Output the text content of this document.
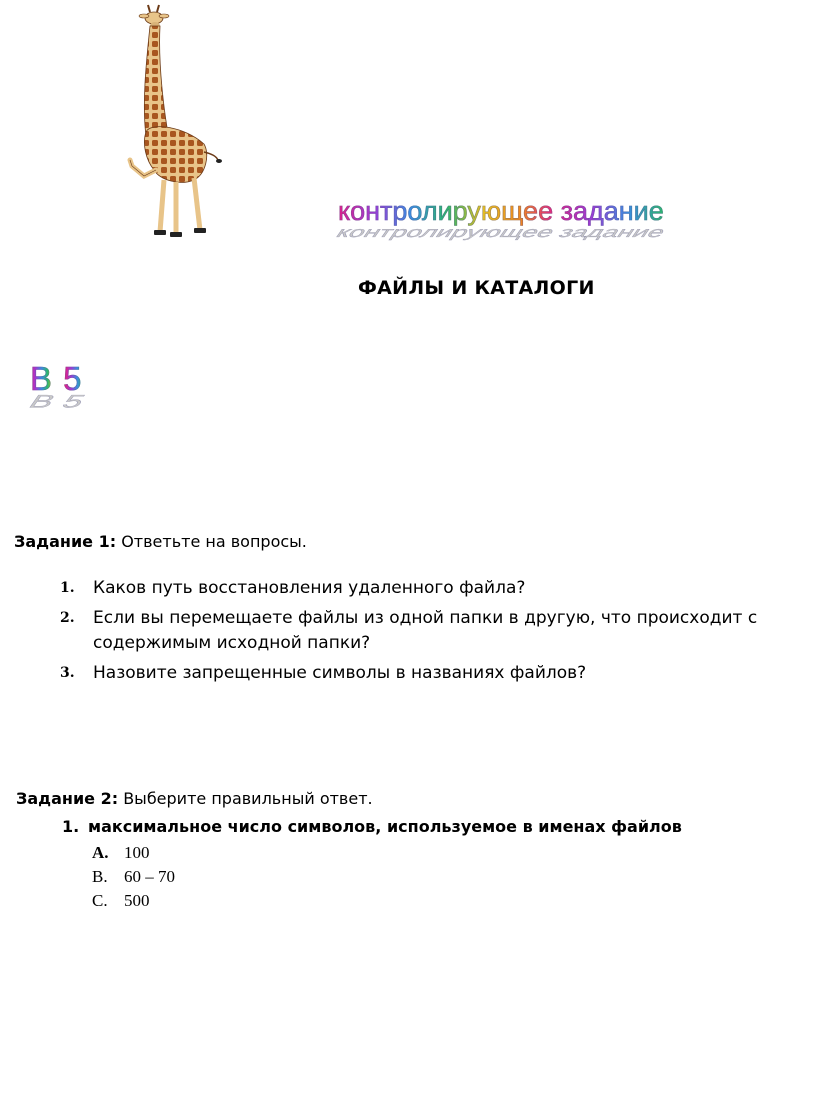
контролирующее задание
контролирующее задание
ФАЙЛЫ И КАТАЛОГИ
В 5
В 5
Задание 1: Ответьте на вопросы.
1. Каков путь восстановления удаленного файла?
2. Если вы перемещаете файлы из одной папки в другую, что происходит с содержимым исходной папки?
3. Назовите запрещенные символы в названиях файлов?
Задание 2: Выберите правильный ответ.
1. максимальное число символов, используемое в именах файлов
A. 100
B. 60 – 70
C. 500
